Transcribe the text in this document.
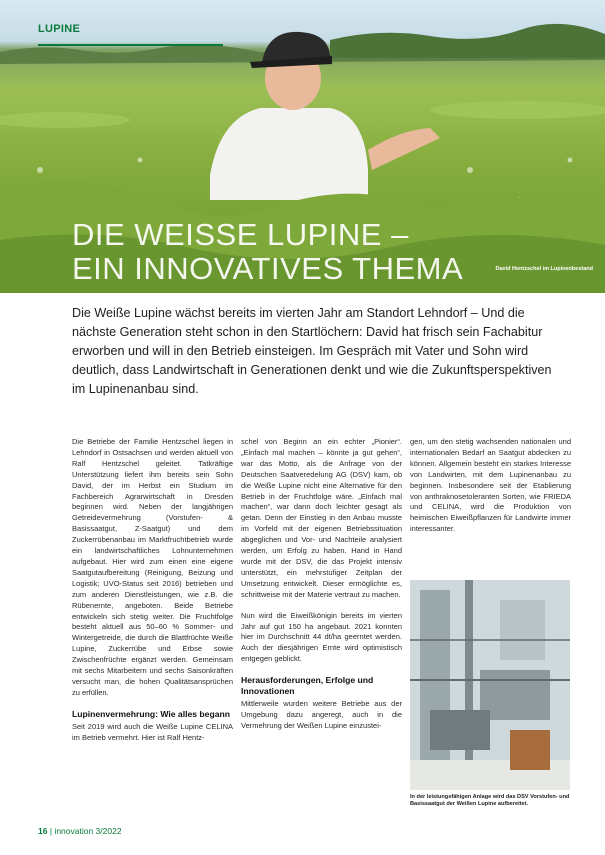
LUPINE
DIE WEISSE LUPINE –
EIN INNOVATIVES THEMA	David Hentzschel im Lupinenbestand
Die Weiße Lupine wächst bereits im vierten Jahr am Standort Lehndorf – Und die nächste Generation steht schon in den Startlöchern: David hat frisch sein Fachabitur erworben und will in den Betrieb einsteigen. Im Gespräch mit Vater und Sohn wird deutlich, dass Landwirtschaft in Generationen denkt und wie die Zukunftsperspektiven im Lupinenanbau sind.

Die Betriebe der Familie Hentzschel liegen in Lehndorf in Ostsachsen und werden aktuell von Ralf Hentzschel geleitet. Tatkräftige Unterstützung liefert ihm bereits sein Sohn David, der im Herbst ein Studium im Fachbereich Agrarwirtschaft in Dresden beginnen wird. Neben der langjährigen Getreidevermehrung (Vorstufen- & Basissaatgut, Z-Saatgut) und dem Zuckerrübenanbau im Marktfruchtbetrieb wurde ein landwirtschaftliches Lohnunternehmen aufgebaut. Hier wird zum einen eine eigene Saatgutaufbereitung (Reinigung, Beizung und Logistik; UVO-Status seit 2016) betrieben und zum anderen Dienstleistungen, wie z.B. die Rübenernte, angeboten. Beide Betriebe entwickeln sich stetig weiter. Die Fruchtfolge besteht aktuell aus 50–60 % Sommer- und Wintergetreide, die durch die Blattfrüchte Weiße Lupine, Zuckerrübe und Erbse sowie Zwischenfrüchte ergänzt werden. Gemeinsam mit sechs Mitarbeitern und sechs Saisonkräften versucht man, die hohen Qualitätsansprüchen zu erfüllen.

Lupinenvermehrung: Wie alles begann

Seit 2019 wird auch die Weiße Lupine CELINA im Betrieb vermehrt. Hier ist Ralf Hentz-

schel von Beginn an ein echter „Pionier“. „Einfach mal machen – könnte ja gut gehen“, war das Motto, als die Anfrage von der Deutschen Saatveredelung AG (DSV) kam, ob die Weiße Lupine nicht eine Alternative für den Betrieb in der Fruchtfolge wäre. „Einfach mal machen“, war dann doch leichter gesagt als getan. Denn der Einstieg in den Anbau musste im Vorfeld mit der eigenen Betriebssituation abgeglichen und Vor- und Nachteile analysiert werden, um Erfolg zu haben. Hand in Hand wurde mit der DSV, die das Projekt intensiv unterstützt, ein mehrstufiger Zeitplan der Umsetzung entwickelt. Dieser ermöglichte es, schrittweise mit der Materie vertraut zu machen.

Nun wird die Eiweißkönigin bereits im vierten Jahr auf gut 150 ha angebaut. 2021 konnten hier im Durchschnitt 44 dt/ha geerntet werden. Auch der diesjährigen Ernte wird optimistisch entgegen geblickt.

Herausforderungen, Erfolge und Innovationen

Mittlerweile wurden weitere Betriebe aus der Umgebung dazu angeregt, auch in die Vermehrung der Weißen Lupine einzustei-

gen, um den stetig wachsenden nationalen und internationalen Bedarf an Saatgut abdecken zu können. Allgemein besteht ein starkes Interesse von Landwirten, mit dem Lupinenanbau zu beginnen. Insbesondere seit der Etablierung von anthraknosetoleranten Sorten, wie FRIEDA und CELINA, wird die Produktion von heimischen Eiweißpflanzen für Landwirte immer interessanter.

In der leistungsfähigen Anlage wird das DSV Vorstufen- und Basissaatgut der Weißen Lupine aufbereitet.
16 | innovation 3/2022
